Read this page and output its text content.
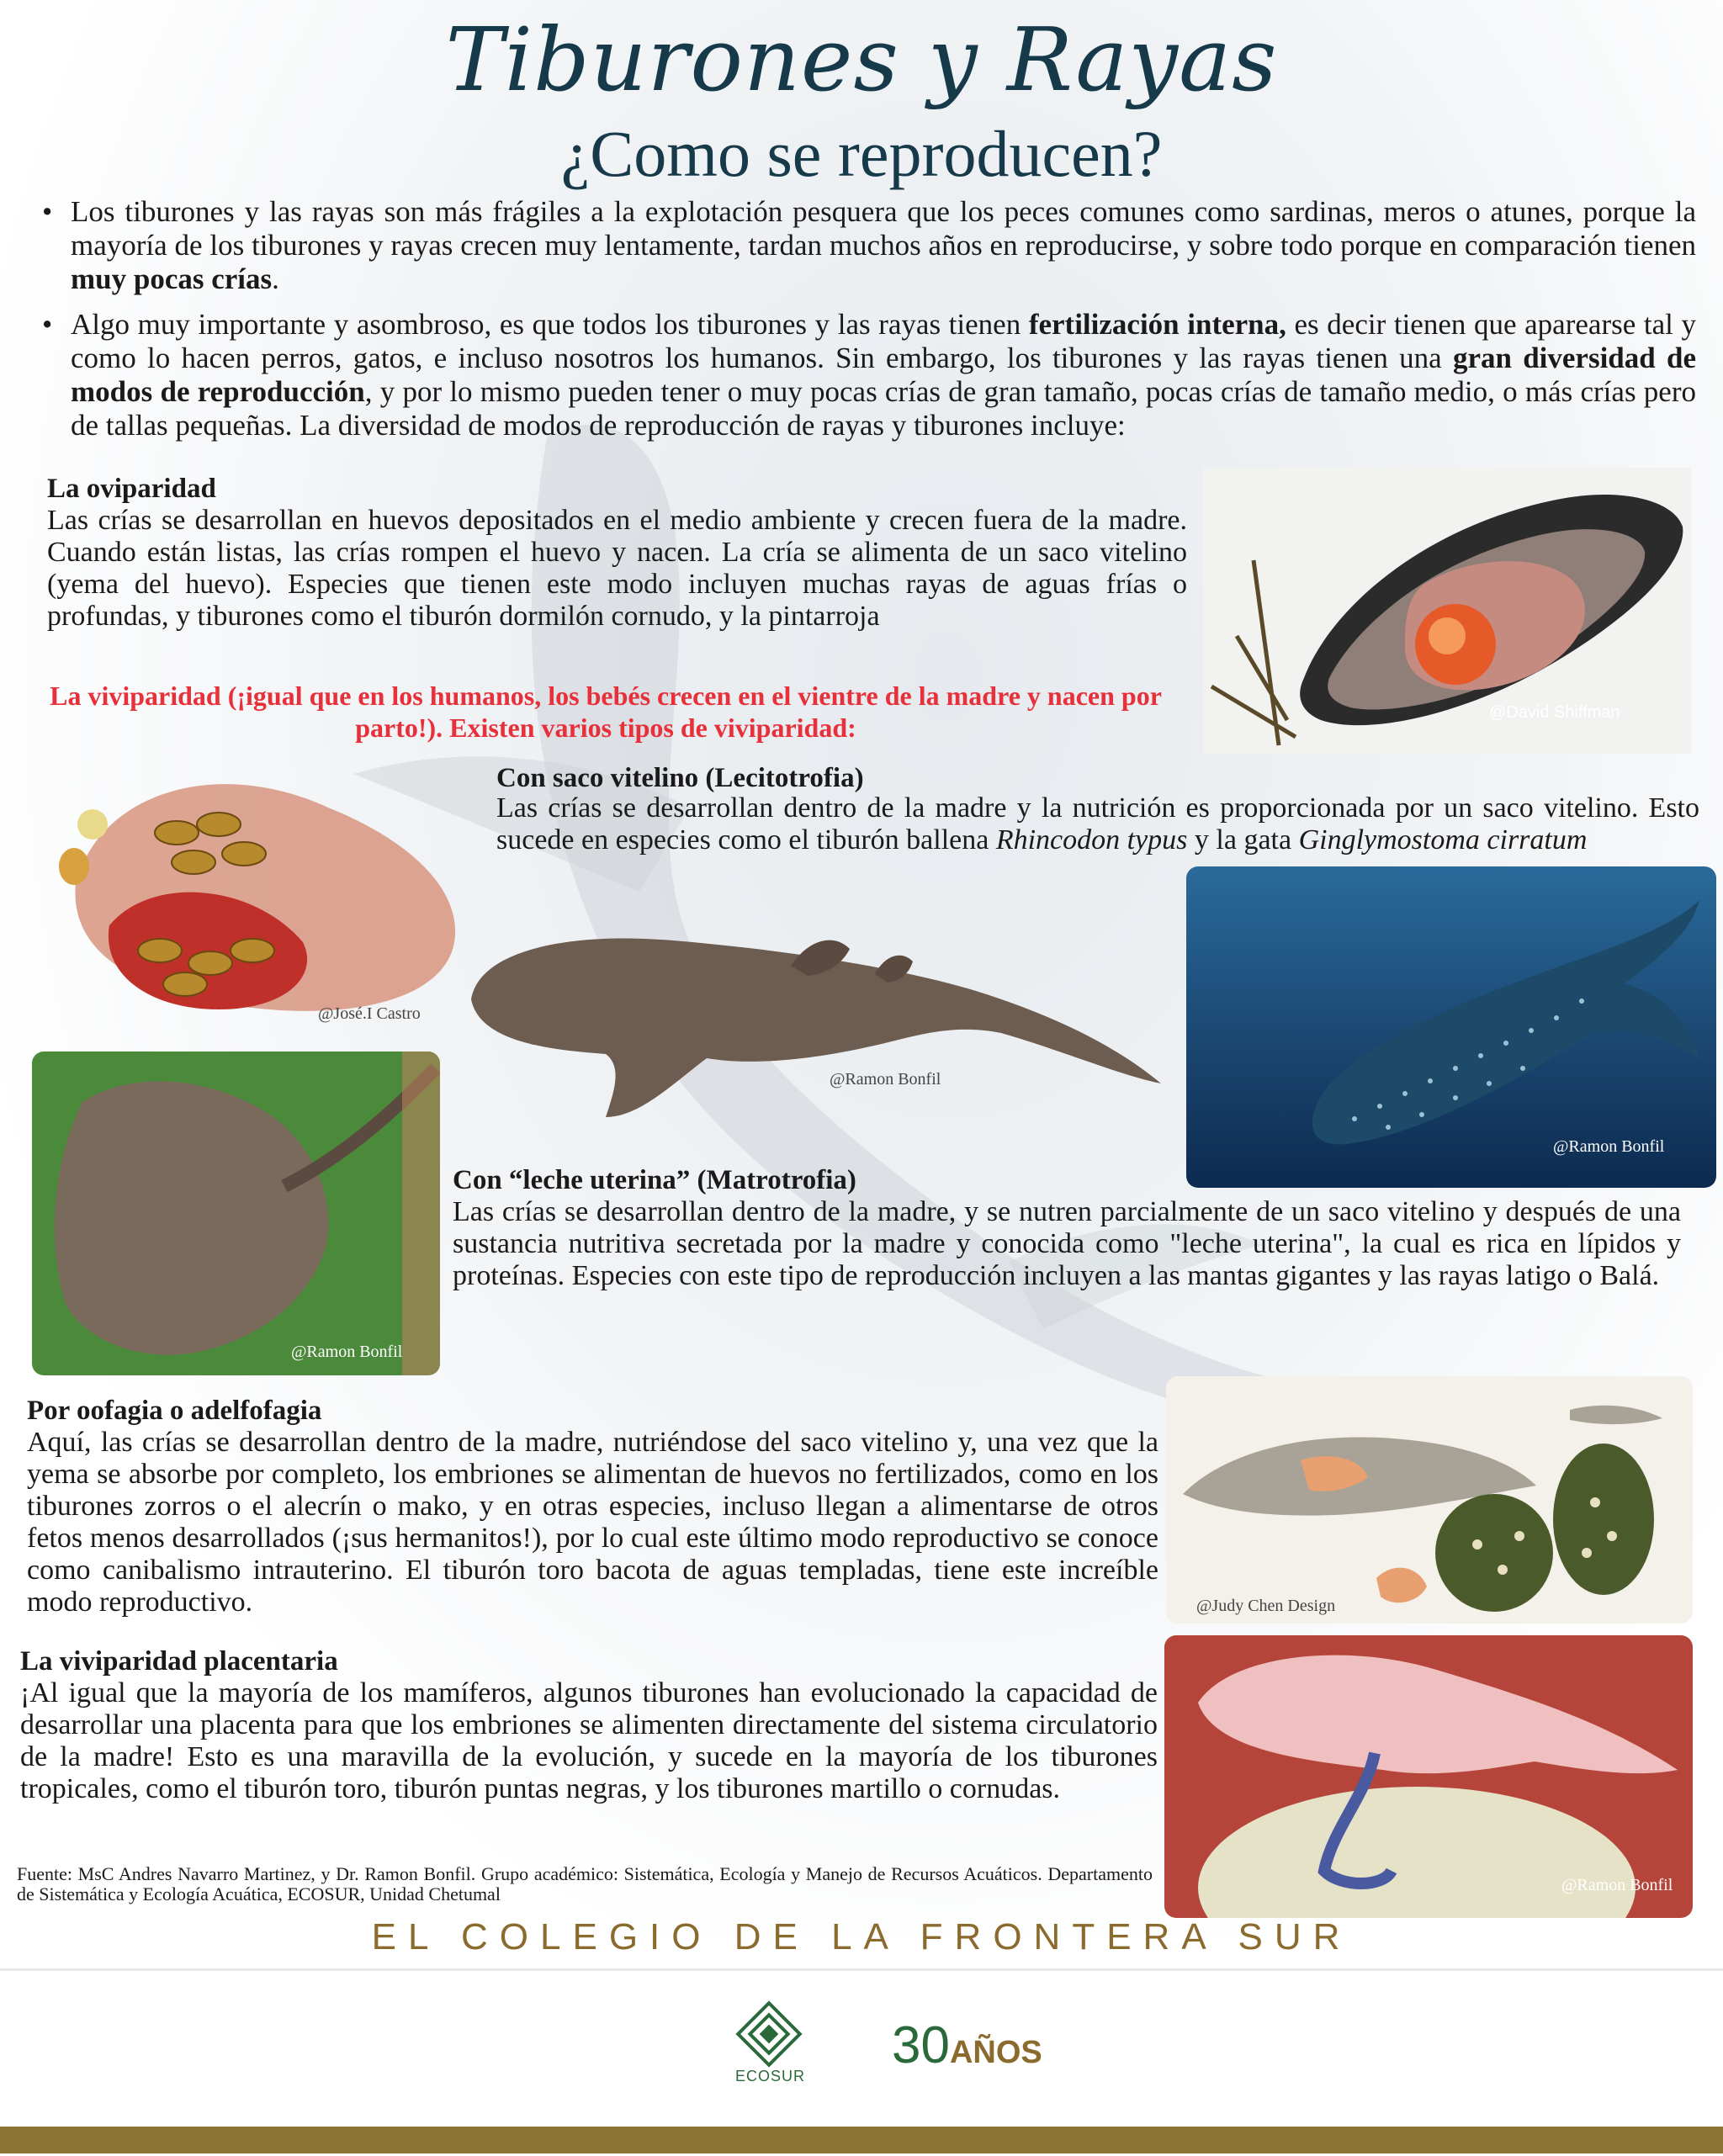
Tiburones y Rayas
¿Como se reproducen?
• Los tiburones y las rayas son más frágiles a la explotación pesquera que los peces comunes como sardinas, meros o atunes, porque la mayoría de los tiburones y rayas crecen muy lentamente, tardan muchos años en reproducirse, y sobre todo porque en comparación tienen muy pocas crías.
• Algo muy importante y asombroso, es que todos los tiburones y las rayas tienen fertilización interna, es decir tienen que aparearse tal y como lo hacen perros, gatos, e incluso nosotros los humanos. Sin embargo, los tiburones y las rayas tienen una gran diversidad de modos de reproducción, y por lo mismo pueden tener o muy pocas crías de gran tamaño, pocas crías de tamaño medio, o más crías pero de tallas pequeñas. La diversidad de modos de reproducción de rayas y tiburones incluye:
La oviparidad
Las crías se desarrollan en huevos depositados en el medio ambiente y crecen fuera de la madre. Cuando están listas, las crías rompen el huevo y nacen. La cría se alimenta de un saco vitelino (yema del huevo). Especies que tienen este modo incluyen muchas rayas de aguas frías o profundas, y tiburones como el tiburón dormilón cornudo, y la pintarroja
@David Shiffman
La viviparidad (¡igual que en los humanos, los bebés crecen en el vientre de la madre y nacen por parto!). Existen varios tipos de viviparidad:
Con saco vitelino (Lecitotrofia)
Las crías se desarrollan dentro de la madre y la nutrición es proporcionada por un saco vitelino. Esto sucede en especies como el tiburón ballena Rhincodon typus y la gata Ginglymostoma cirratum
@José.I Castro
@Ramon Bonfil
@Ramon Bonfil
@Ramon Bonfil
Con “leche uterina” (Matrotrofia)
Las crías se desarrollan dentro de la madre, y se nutren parcialmente de un saco vitelino y después de una sustancia nutritiva secretada por la madre y conocida como "leche uterina", la cual es rica en lípidos y proteínas. Especies con este tipo de reproducción incluyen a las mantas gigantes y las rayas latigo o Balá.
Por oofagia o adelfofagia
Aquí, las crías se desarrollan dentro de la madre, nutriéndose del saco vitelino y, una vez que la yema se absorbe por completo, los embriones se alimentan de huevos no fertilizados, como en los tiburones zorros o el alecrín o mako, y en otras especies, incluso llegan a alimentarse de otros fetos menos desarrollados (¡sus hermanitos!), por lo cual este último modo reproductivo se conoce como canibalismo intrauterino. El tiburón toro bacota de aguas templadas, tiene este increíble modo reproductivo.	@Judy Chen Design
La viviparidad placentaria
¡Al igual que la mayoría de los mamíferos, algunos tiburones han evolucionado la capacidad de desarrollar una placenta para que los embriones se alimenten directamente del sistema circulatorio de la madre! Esto es una maravilla de la evolución, y sucede en la mayoría de los tiburones tropicales, como el tiburón toro, tiburón puntas negras, y los tiburones martillo o cornudas.
@Ramon Bonfil
Fuente: MsC Andres Navarro Martinez, y Dr. Ramon Bonfil. Grupo académico: Sistemática, Ecología y Manejo de Recursos Acuáticos. Departamento de Sistemática y Ecología Acuática, ECOSUR, Unidad Chetumal
EL COLEGIO DE LA FRONTERA SUR
ECOSUR
30AÑOS
